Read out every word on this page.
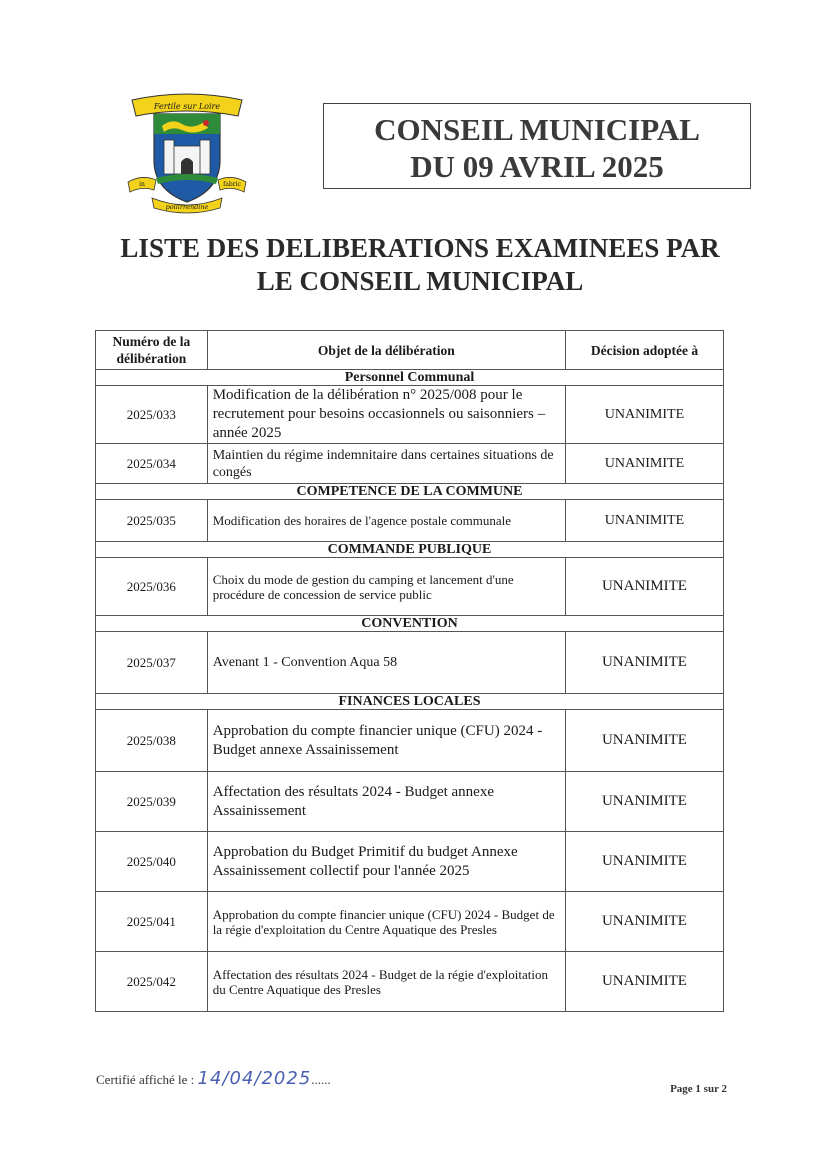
Fertile sur Loire
in	fabric
pollirrendine
CONSEIL MUNICIPAL
DU 09 AVRIL 2025
LISTE DES DELIBERATIONS EXAMINEES PAR
LE CONSEIL MUNICIPAL
Numéro de la délibération	Objet de la délibération	Décision adoptée à
Personnel Communal		
2025/033	Modification de la délibération n° 2025/008 pour le recrutement pour besoins occasionnels ou saisonniers – année 2025	UNANIMITE
2025/034	Maintien du régime indemnitaire dans certaines situations de congés	UNANIMITE
COMPETENCE DE LA COMMUNE		
2025/035	Modification des horaires de l'agence postale communale	UNANIMITE
COMMANDE PUBLIQUE		
2025/036	Choix du mode de gestion du camping et lancement d'une procédure de concession de service public	UNANIMITE
CONVENTION		
2025/037	Avenant 1 - Convention Aqua 58	UNANIMITE
FINANCES LOCALES		
2025/038	Approbation du compte financier unique (CFU) 2024 - Budget annexe Assainissement	UNANIMITE
2025/039	Affectation des résultats 2024 - Budget annexe Assainissement	UNANIMITE
2025/040	Approbation du Budget Primitif du budget Annexe Assainissement collectif pour l'année 2025	UNANIMITE
2025/041	Approbation du compte financier unique (CFU) 2024 - Budget de la régie d'exploitation du Centre Aquatique des Presles	UNANIMITE
2025/042	Affectation des résultats 2024 - Budget de la régie d'exploitation du Centre Aquatique des Presles	UNANIMITE
Certifié affiché le : 14/04/2025......
Page 1 sur 2
